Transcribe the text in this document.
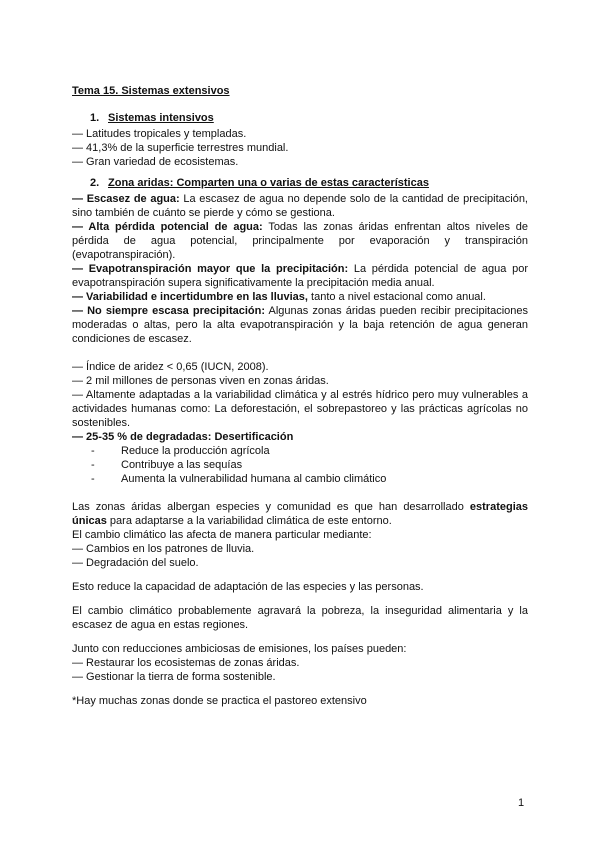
Tema 15. Sistemas extensivos
1. Sistemas intensivos
— Latitudes tropicales y templadas.
— 41,3% de la superficie terrestres mundial.
— Gran variedad de ecosistemas.
2. Zona aridas: Comparten una o varias de estas características
— Escasez de agua: La escasez de agua no depende solo de la cantidad de precipitación, sino también de cuánto se pierde y cómo se gestiona.
— Alta pérdida potencial de agua: Todas las zonas áridas enfrentan altos niveles de pérdida de agua potencial, principalmente por evaporación y transpiración (evapotranspiración).
— Evapotranspiración mayor que la precipitación: La pérdida potencial de agua por evapotranspiración supera significativamente la precipitación media anual.
— Variabilidad e incertidumbre en las lluvias, tanto a nivel estacional como anual.
— No siempre escasa precipitación: Algunas zonas áridas pueden recibir precipitaciones moderadas o altas, pero la alta evapotranspiración y la baja retención de agua generan condiciones de escasez.
— Índice de aridez < 0,65 (IUCN, 2008).
— 2 mil millones de personas viven en zonas áridas.
— Altamente adaptadas a la variabilidad climática y al estrés hídrico pero muy vulnerables a actividades humanas como: La deforestación, el sobrepastoreo y las prácticas agrícolas no sostenibles.
— 25-35 % de degradadas: Desertificación
-	Reduce la producción agrícola
-	Contribuye a las sequías
-	Aumenta la vulnerabilidad humana al cambio climático
Las zonas áridas albergan especies y comunidad es que han desarrollado estrategias únicas para adaptarse a la variabilidad climática de este entorno.
El cambio climático las afecta de manera particular mediante:
— Cambios en los patrones de lluvia.
— Degradación del suelo.
Esto reduce la capacidad de adaptación de las especies y las personas.
El cambio climático probablemente agravará la pobreza, la inseguridad alimentaria y la escasez de agua en estas regiones.
Junto con reducciones ambiciosas de emisiones, los países pueden:
— Restaurar los ecosistemas de zonas áridas.
— Gestionar la tierra de forma sostenible.
*Hay muchas zonas donde se practica el pastoreo extensivo
1
